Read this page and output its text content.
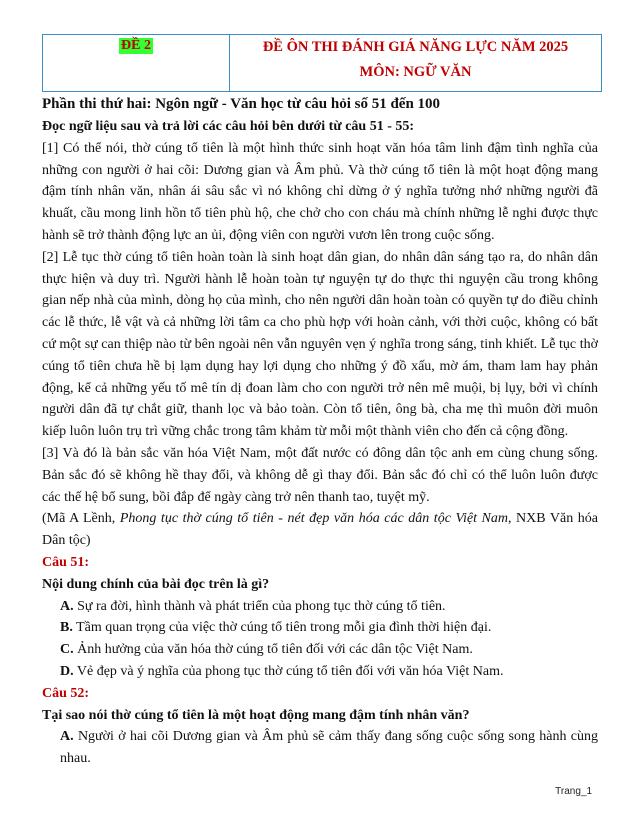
ĐỀ 2	ĐỀ ÔN THI ĐÁNH GIÁ NĂNG LỰC NĂM 2025
MÔN: NGỮ VĂN

Phần thi thứ hai: Ngôn ngữ - Văn học từ câu hỏi số 51 đến 100

Đọc ngữ liệu sau và trả lời các câu hỏi bên dưới từ câu 51 - 55:

[1] Có thể nói, thờ cúng tổ tiên là một hình thức sinh hoạt văn hóa tâm linh đậm tình nghĩa của những con người ở hai cõi: Dương gian và Âm phủ. Và thờ cúng tổ tiên là một hoạt động mang đậm tính nhân văn, nhân ái sâu sắc vì nó không chỉ dừng ở ý nghĩa tưởng nhớ những người đã khuất, cầu mong linh hồn tổ tiên phù hộ, che chở cho con cháu mà chính những lễ nghi được thực hành sẽ trở thành động lực an ủi, động viên con người vươn lên trong cuộc sống.

[2] Lễ tục thờ cúng tổ tiên hoàn toàn là sinh hoạt dân gian, do nhân dân sáng tạo ra, do nhân dân thực hiện và duy trì. Người hành lễ hoàn toàn tự nguyện tự do thực thi nguyện cầu trong không gian nếp nhà của mình, dòng họ của mình, cho nên người dân hoàn toàn có quyền tự do điều chỉnh các lễ thức, lễ vật và cả những lời tâm ca cho phù hợp với hoàn cảnh, với thời cuộc, không có bất cứ một sự can thiệp nào từ bên ngoài nên vẫn nguyên vẹn ý nghĩa trong sáng, tinh khiết. Lễ tục thờ cúng tổ tiên chưa hề bị lạm dụng hay lợi dụng cho những ý đồ xấu, mờ ám, tham lam hay phản động, kể cả những yếu tố mê tín dị đoan làm cho con người trở nên mê muội, bị lụy, bởi vì chính người dân đã tự chắt giữ, thanh lọc và bảo toàn. Còn tổ tiên, ông bà, cha mẹ thì muôn đời muôn kiếp luôn luôn trụ trì vững chắc trong tâm khảm từ mỗi một thành viên cho đến cả cộng đồng.

[3] Và đó là bản sắc văn hóa Việt Nam, một đất nước có đông dân tộc anh em cùng chung sống. Bản sắc đó sẽ không hề thay đổi, và không dễ gì thay đổi. Bản sắc đó chỉ có thể luôn luôn được các thế hệ bổ sung, bồi đắp để ngày càng trở nên thanh tao, tuyệt mỹ.

(Mã A Lềnh, Phong tục thờ cúng tổ tiên - nét đẹp văn hóa các dân tộc Việt Nam, NXB Văn hóa Dân tộc)

Câu 51:

Nội dung chính của bài đọc trên là gì?

A. Sự ra đời, hình thành và phát triển của phong tục thờ cúng tổ tiên.

B. Tầm quan trọng của việc thờ cúng tổ tiên trong mỗi gia đình thời hiện đại.

C. Ảnh hưởng của văn hóa thờ cúng tổ tiên đối với các dân tộc Việt Nam.

D. Vẻ đẹp và ý nghĩa của phong tục thờ cúng tổ tiên đối với văn hóa Việt Nam.

Câu 52:

Tại sao nói thờ cúng tổ tiên là một hoạt động mang đậm tính nhân văn?

A. Người ở hai cõi Dương gian và Âm phủ sẽ cảm thấy đang sống cuộc sống song hành cùng nhau.

Trang_1
